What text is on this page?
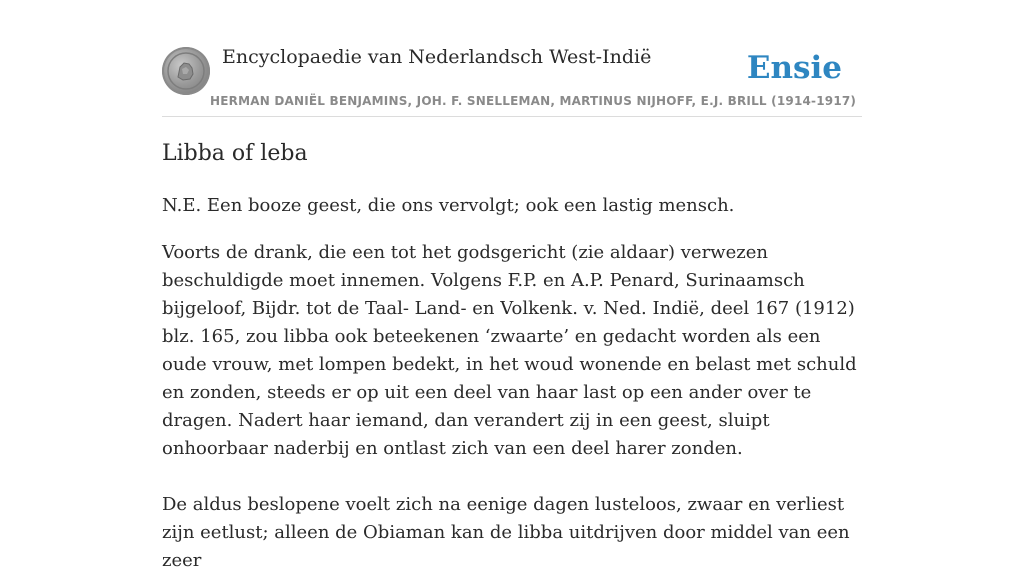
Encyclopaedie van Nederlandsch West-Indië	Ensie
HERMAN DANIËL BENJAMINS, JOH. F. SNELLEMAN, MARTINUS NIJHOFF, E.J. BRILL (1914-1917)
Libba of leba

N.E. Een booze geest, die ons vervolgt; ook een lastig mensch.

Voorts de drank, die een tot het godsgericht (zie aldaar) verwezen beschuldigde moet innemen. Volgens F.P. en A.P. Penard, Surinaamsch bijgeloof, Bijdr. tot de Taal- Land- en Volkenk. v. Ned. Indië, deel 167 (1912) blz. 165, zou libba ook beteekenen ‘zwaarte’ en gedacht worden als een oude vrouw, met lompen bedekt, in het woud wonende en belast met schuld en zonden, steeds er op uit een deel van haar last op een ander over te dragen. Nadert haar iemand, dan verandert zij in een geest, sluipt onhoorbaar naderbij en ontlast zich van een deel harer zonden.

De aldus beslopene voelt zich na eenige dagen lusteloos, zwaar en verliest zijn eetlust; alleen de Obiaman kan de libba uitdrijven door middel van een zeer
